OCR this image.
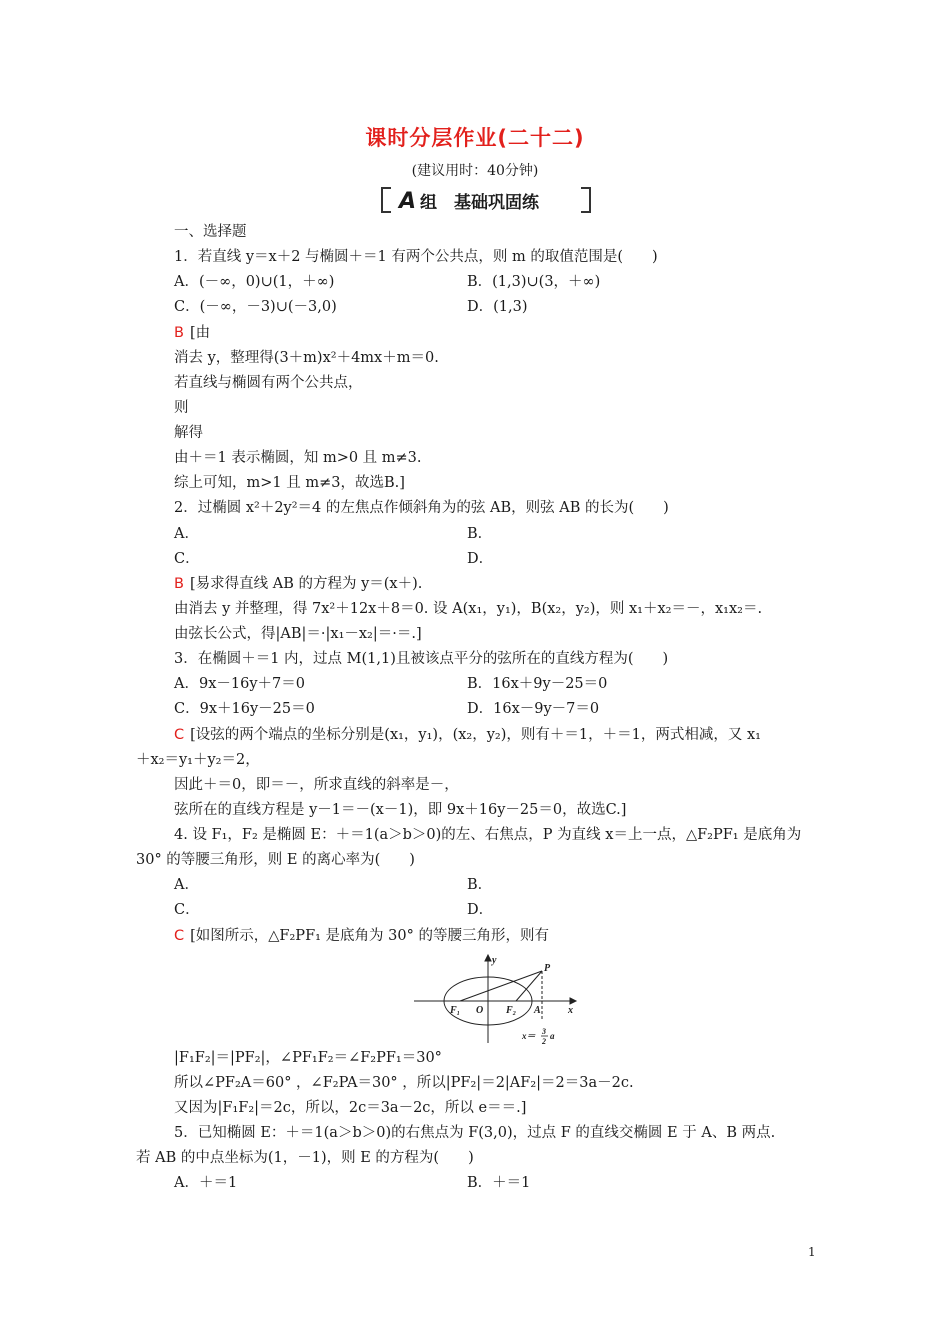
课时分层作业(二十二)
(建议用时：40分钟)
A 组　基础巩固练
一、选择题
1．若直线 y＝x＋2 与椭圆＋＝1 有两个公共点，则 m 的取值范围是(　　)
A．(－∞，0)∪(1，＋∞)	B．(1,3)∪(3，＋∞)
C．(－∞，－3)∪(－3,0)	D．(1,3)
B [由
消去 y，整理得(3＋m)x²＋4mx＋m＝0.
若直线与椭圆有两个公共点，
则
解得
由＋＝1 表示椭圆，知 m>0 且 m≠3.
综上可知，m>1 且 m≠3，故选B.]
2．过椭圆 x²＋2y²＝4 的左焦点作倾斜角为的弦 AB，则弦 AB 的长为(　　)
A．	B．
C．	D．
B [易求得直线 AB 的方程为 y＝(x＋).
由消去 y 并整理，得 7x²＋12x＋8＝0. 设 A(x₁，y₁)，B(x₂，y₂)，则 x₁＋x₂＝－，x₁x₂＝.
由弦长公式，得|AB|＝·|x₁－x₂|＝·＝.]
3．在椭圆＋＝1 内，过点 M(1,1)且被该点平分的弦所在的直线方程为(　　)
A．9x－16y＋7＝0	B．16x＋9y－25＝0
C．9x＋16y－25＝0	D．16x－9y－7＝0
C [设弦的两个端点的坐标分别是(x₁，y₁)，(x₂，y₂)，则有＋＝1，＋＝1，两式相减，又 x₁
＋x₂＝y₁＋y₂＝2，
因此＋＝0，即＝－，所求直线的斜率是－，
弦所在的直线方程是 y－1＝－(x－1)，即 9x＋16y－25＝0，故选C.]
4. 设 F₁，F₂ 是椭圆 E：＋＝1(a＞b＞0)的左、右焦点，P 为直线 x＝上一点，△F₂PF₁ 是底角为
30° 的等腰三角形，则 E 的离心率为(　　)
A．	B．
C．	D．
C [如图所示，△F₂PF₁ 是底角为 30° 的等腰三角形，则有
|F₁F₂|＝|PF₂|，∠PF₁F₂＝∠F₂PF₁＝30°
所以∠PF₂A＝60° ，∠F₂PA＝30° ，所以|PF₂|＝2|AF₂|＝2＝3a－2c.
又因为|F₁F₂|＝2c，所以，2c＝3a－2c，所以 e＝＝.]
5．已知椭圆 E：＋＝1(a＞b＞0)的右焦点为 F(3,0)，过点 F 的直线交椭圆 E 于 A、B 两点.
若 AB 的中点坐标为(1，－1)，则 E 的方程为(　　)
A．＋＝1	B．＋＝1
y
x
P
F₁ O F₂ A
x＝ 3
2
a
1
